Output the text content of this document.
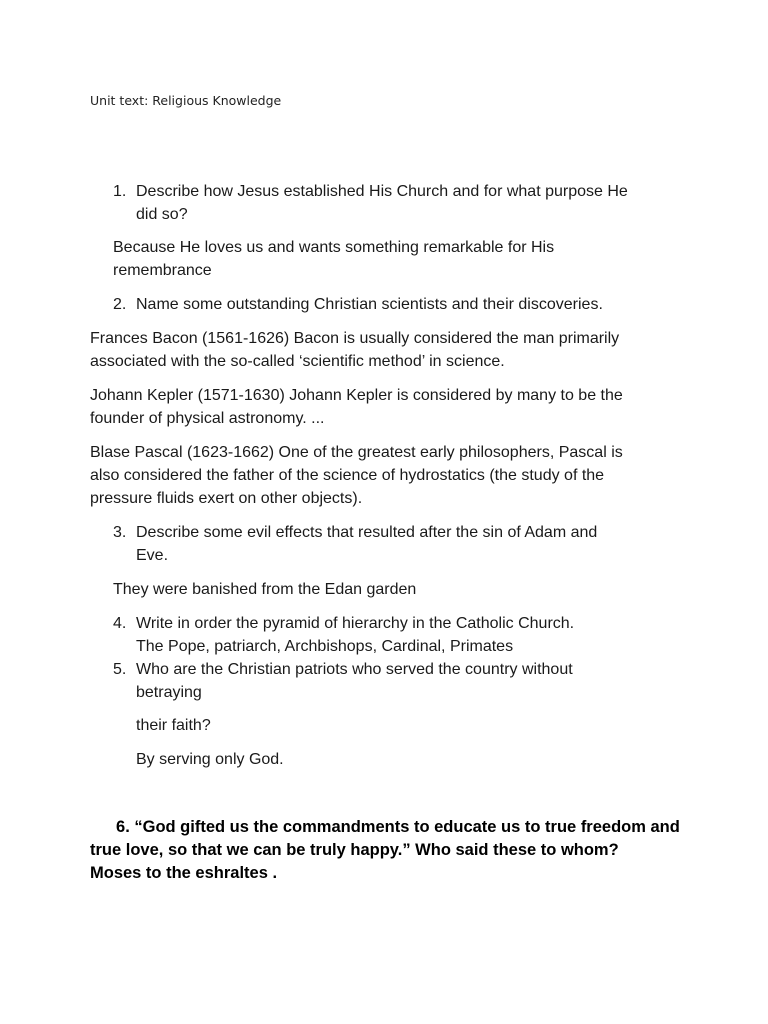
Unit text: Religious Knowledge
1. Describe how Jesus established His Church and for what purpose He
did so?
Because He loves us and wants something remarkable for His
remembrance
2. Name some outstanding Christian scientists and their discoveries.
Frances Bacon (1561-1626) Bacon is usually considered the man primarily
associated with the so-called ‘scientific method’ in science.
Johann Kepler (1571-1630) Johann Kepler is considered by many to be the
founder of physical astronomy. ...
Blase Pascal (1623-1662) One of the greatest early philosophers, Pascal is
also considered the father of the science of hydrostatics (the study of the
pressure fluids exert on other objects).
3. Describe some evil effects that resulted after the sin of Adam and
Eve.
They were banished from the Edan garden
4. Write in order the pyramid of hierarchy in the Catholic Church.
The Pope, patriarch, Archbishops, Cardinal, Primates
5. Who are the Christian patriots who served the country without
betraying
their faith?
By serving only God.
6. “God gifted us the commandments to educate us to true freedom and
true love, so that we can be truly happy.” Who said these to whom?
Moses to the eshraltes .
